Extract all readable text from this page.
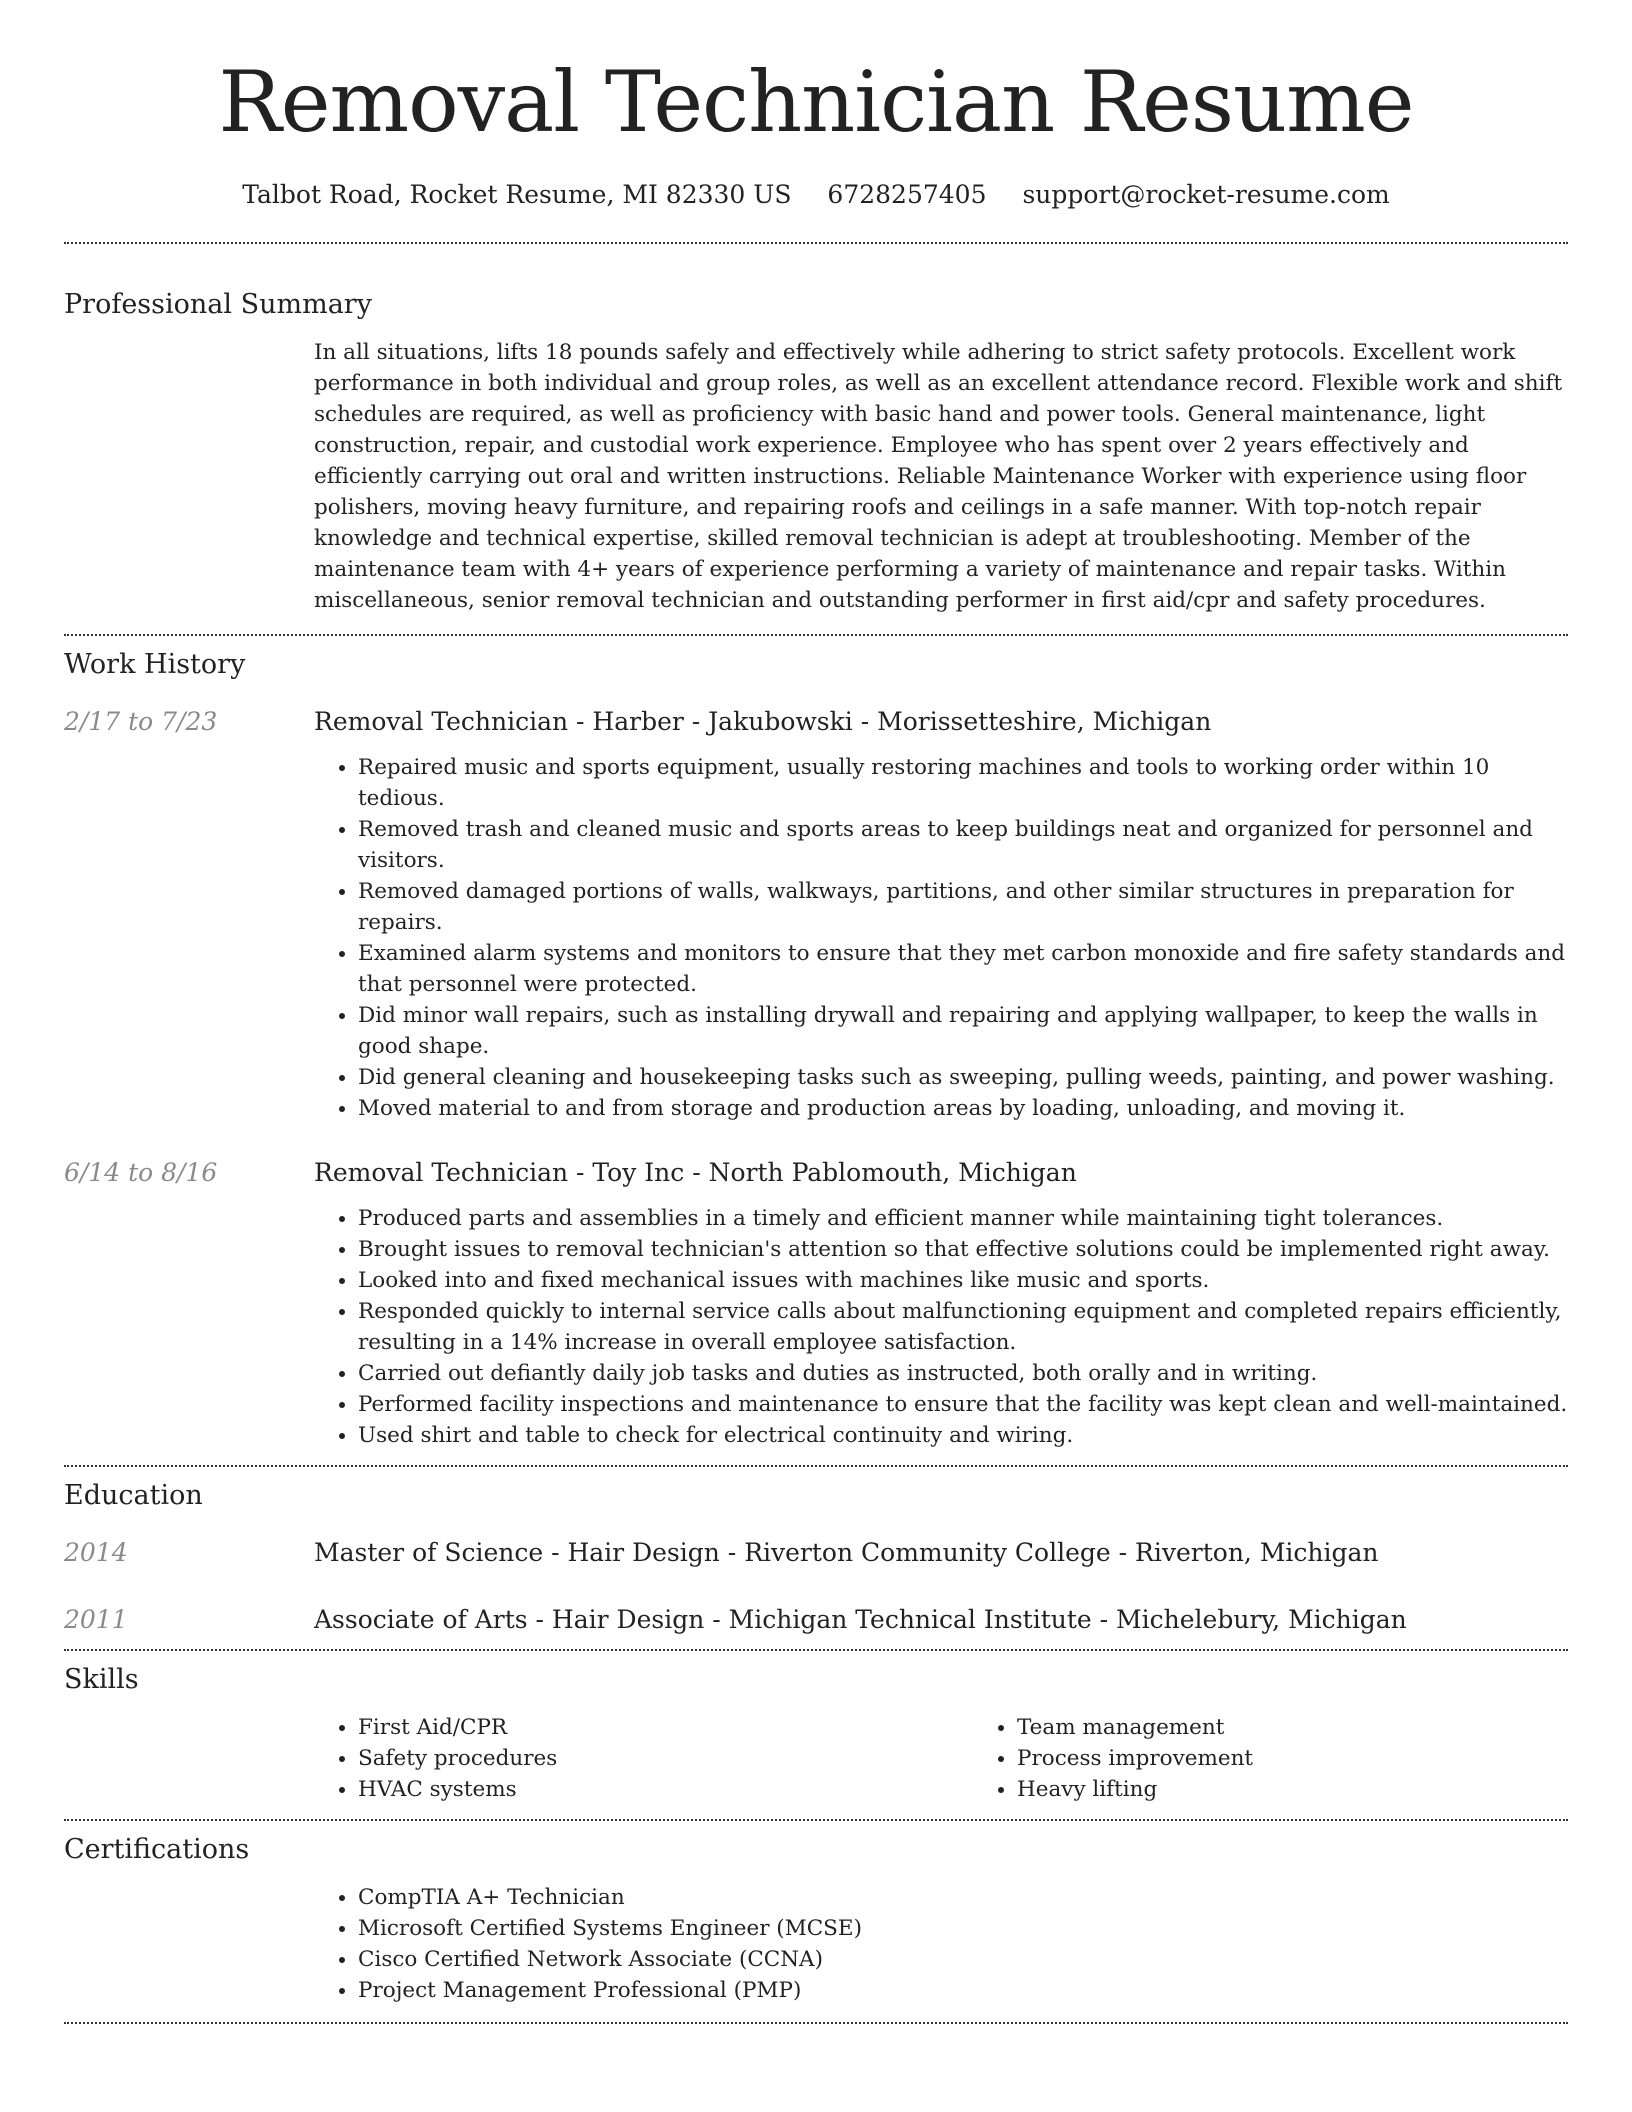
Removal Technician Resume
Talbot Road, Rocket Resume, MI 82330 US 6728257405 support@rocket-resume.com
Professional Summary

In all situations, lifts 18 pounds safely and effectively while adhering to strict safety protocols. Excellent work performance in both individual and group roles, as well as an excellent attendance record. Flexible work and shift schedules are required, as well as proficiency with basic hand and power tools. General maintenance, light construction, repair, and custodial work experience. Employee who has spent over 2 years effectively and efficiently carrying out oral and written instructions. Reliable Maintenance Worker with experience using floor polishers, moving heavy furniture, and repairing roofs and ceilings in a safe manner. With top-notch repair knowledge and technical expertise, skilled removal technician is adept at troubleshooting. Member of the maintenance team with 4+ years of experience performing a variety of maintenance and repair tasks. Within miscellaneous, senior removal technician and outstanding performer in first aid/cpr and safety procedures.

Work History
2/17 to 7/23	Removal Technician - Harber - Jakubowski - Morissetteshire, Michigan
• Repaired music and sports equipment, usually restoring machines and tools to working order within 10 tedious.
• Removed trash and cleaned music and sports areas to keep buildings neat and organized for personnel and visitors.
• Removed damaged portions of walls, walkways, partitions, and other similar structures in preparation for repairs.
• Examined alarm systems and monitors to ensure that they met carbon monoxide and fire safety standards and that personnel were protected.
• Did minor wall repairs, such as installing drywall and repairing and applying wallpaper, to keep the walls in good shape.
• Did general cleaning and housekeeping tasks such as sweeping, pulling weeds, painting, and power washing.
• Moved material to and from storage and production areas by loading, unloading, and moving it.
6/14 to 8/16	Removal Technician - Toy Inc - North Pablomouth, Michigan
• Produced parts and assemblies in a timely and efficient manner while maintaining tight tolerances.
• Brought issues to removal technician's attention so that effective solutions could be implemented right away.
• Looked into and fixed mechanical issues with machines like music and sports.
• Responded quickly to internal service calls about malfunctioning equipment and completed repairs efficiently, resulting in a 14% increase in overall employee satisfaction.
• Carried out defiantly daily job tasks and duties as instructed, both orally and in writing.
• Performed facility inspections and maintenance to ensure that the facility was kept clean and well-maintained.
• Used shirt and table to check for electrical continuity and wiring.
Education
2014	Master of Science - Hair Design - Riverton Community College - Riverton, Michigan
2011	Associate of Arts - Hair Design - Michigan Technical Institute - Michelebury, Michigan
Skills
• First Aid/CPR
• Safety procedures
• HVAC systems
• Team management
• Process improvement
• Heavy lifting
Certifications
• CompTIA A+ Technician
• Microsoft Certified Systems Engineer (MCSE)
• Cisco Certified Network Associate (CCNA)
• Project Management Professional (PMP)
